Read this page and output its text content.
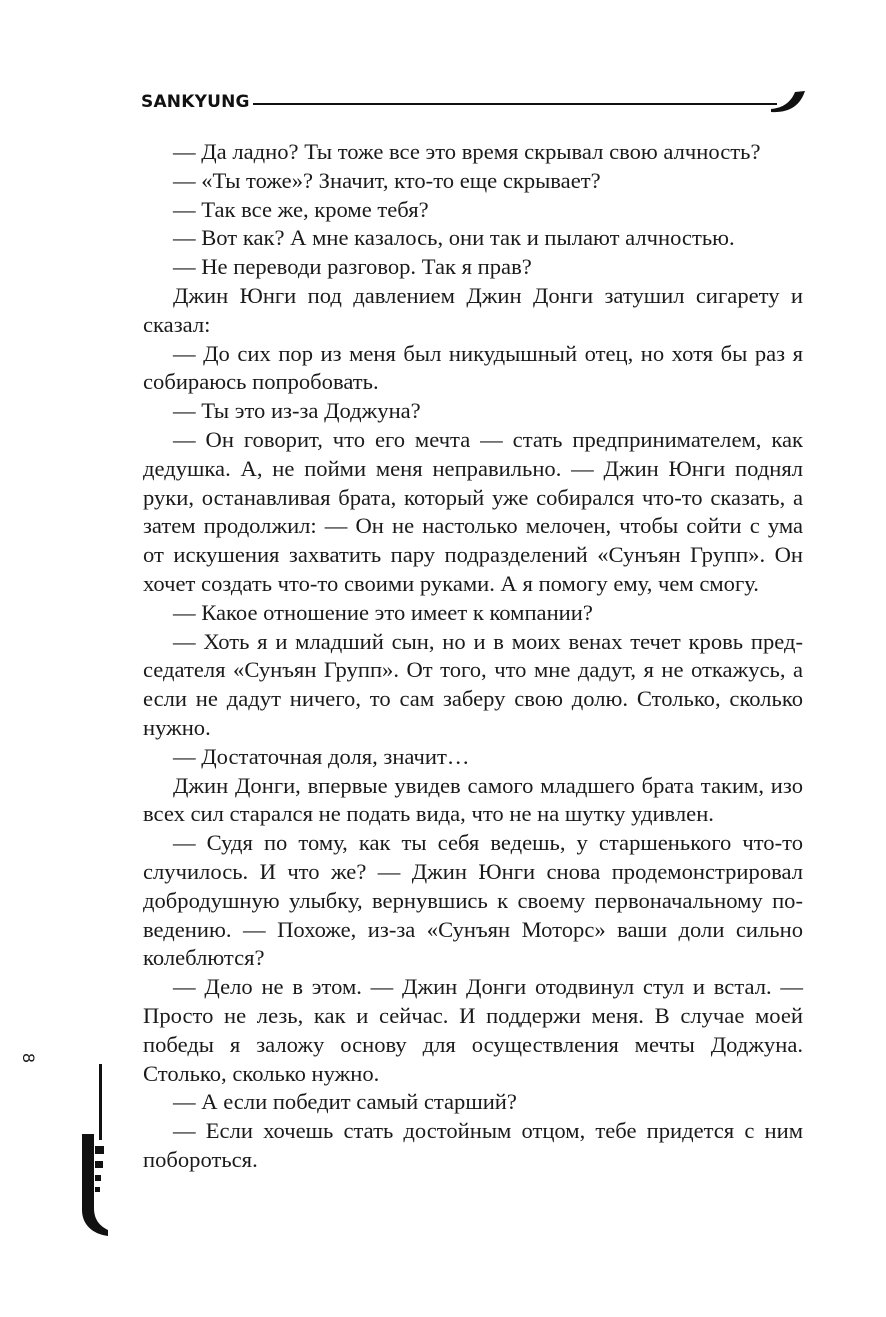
SANKYUNG

— Да ладно? Ты тоже все это время скрывал свою алчность?

— «Ты тоже»? Значит, кто-то еще скрывает?

— Так все же, кроме тебя?

— Вот как? А мне казалось, они так и пылают алчностью.

— Не переводи разговор. Так я прав?

Джин Юнги под давлением Джин Донги затушил сигарету и сказал:

— До сих пор из меня был никудышный отец, но хотя бы раз я собираюсь попробовать.

— Ты это из-за Доджуна?

— Он говорит, что его мечта — стать предпринимателем, как дедушка. А, не пойми меня неправильно. — Джин Юнги поднял руки, останавливая брата, который уже собирался что-то сказать, а затем продолжил: — Он не настолько мелочен, чтобы сойти с ума от искушения захватить пару подразделений «Сунъян Групп». Он хочет создать что-то своими руками. А я помогу ему, чем смогу.

— Какое отношение это имеет к компании?

— Хоть я и младший сын, но и в моих венах течет кровь председателя «Сунъян Групп». От того, что мне дадут, я не откажусь, а если не дадут ничего, то сам заберу свою долю. Столько, сколько нужно.

— Достаточная доля, значит…

Джин Донги, впервые увидев самого младшего брата таким, изо всех сил старался не подать вида, что не на шутку удивлен.

— Судя по тому, как ты себя ведешь, у старшенького что-то случилось. И что же? — Джин Юнги снова продемонстрировал добродушную улыбку, вернувшись к своему первоначальному поведению. — Похоже, из-за «Сунъян Моторс» ваши доли сильно колеблются?

— Дело не в этом. — Джин Донги отодвинул стул и встал. — Просто не лезь, как и сейчас. И поддержи меня. В случае моей победы я заложу основу для осуществления мечты Доджуна. Столько, сколько нужно.

— А если победит самый старший?

— Если хочешь стать достойным отцом, тебе придется с ним побороться.

8
